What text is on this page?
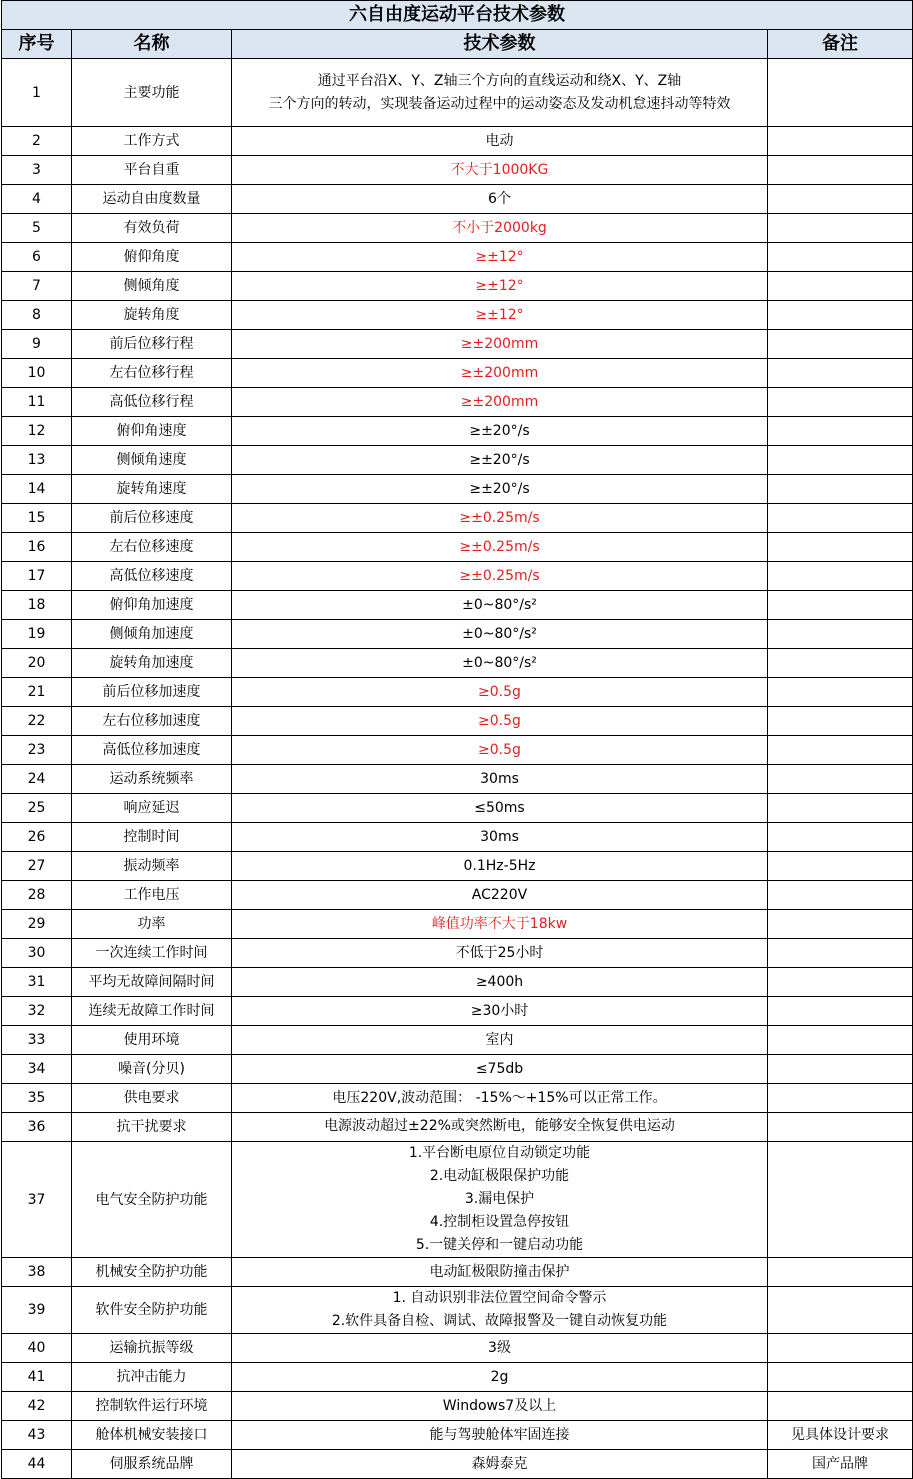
六自由度运动平台技术参数			
序号	名称	技术参数	备注
1	主要功能	通过平台沿X、Y、Z轴三个方向的直线运动和绕X、Y、Z轴
三个方向的转动，实现装备运动过程中的运动姿态及发动机怠速抖动等特效	
2	工作方式	电动	
3	平台自重	不大于1000KG	
4	运动自由度数量	6个	
5	有效负荷	不小于2000kg	
6	俯仰角度	≥±12°	
7	侧倾角度	≥±12°	
8	旋转角度	≥±12°	
9	前后位移行程	≥±200mm	
10	左右位移行程	≥±200mm	
11	高低位移行程	≥±200mm	
12	俯仰角速度	≥±20°/s	
13	侧倾角速度	≥±20°/s	
14	旋转角速度	≥±20°/s	
15	前后位移速度	≥±0.25m/s	
16	左右位移速度	≥±0.25m/s	
17	高低位移速度	≥±0.25m/s	
18	俯仰角加速度	±0~80°/s²	
19	侧倾角加速度	±0~80°/s²	
20	旋转角加速度	±0~80°/s²	
21	前后位移加速度	≥0.5g	
22	左右位移加速度	≥0.5g	
23	高低位移加速度	≥0.5g	
24	运动系统频率	30ms	
25	响应延迟	≤50ms	
26	控制时间	30ms	
27	振动频率	0.1Hz-5Hz	
28	工作电压	AC220V	
29	功率	峰值功率不大于18kw	
30	一次连续工作时间	不低于25小时	
31	平均无故障间隔时间	≥400h	
32	连续无故障工作时间	≥30小时	
33	使用环境	室内	
34	噪音(分贝)	≤75db	
35	供电要求	电压220V,波动范围： -15%～+15%可以正常工作。	
36	抗干扰要求	电源波动超过±22%或突然断电，能够安全恢复供电运动	

37	电气安全防护功能	1.平台断电原位自动锁定功能
2.电动缸极限保护功能
3.漏电保护
4.控制柜设置急停按钮
5.一键关停和一键启动功能	
38	机械安全防护功能	电动缸极限防撞击保护	
39	软件安全防护功能	1. 自动识别非法位置空间命令警示
2.软件具备自检、调试、故障报警及一键自动恢复功能	
40	运输抗振等级	3级	
41	抗冲击能力	2g	
42	控制软件运行环境	Windows7及以上	
43	舱体机械安装接口	能与驾驶舱体牢固连接	见具体设计要求
44	伺服系统品牌	森姆泰克	国产品牌
